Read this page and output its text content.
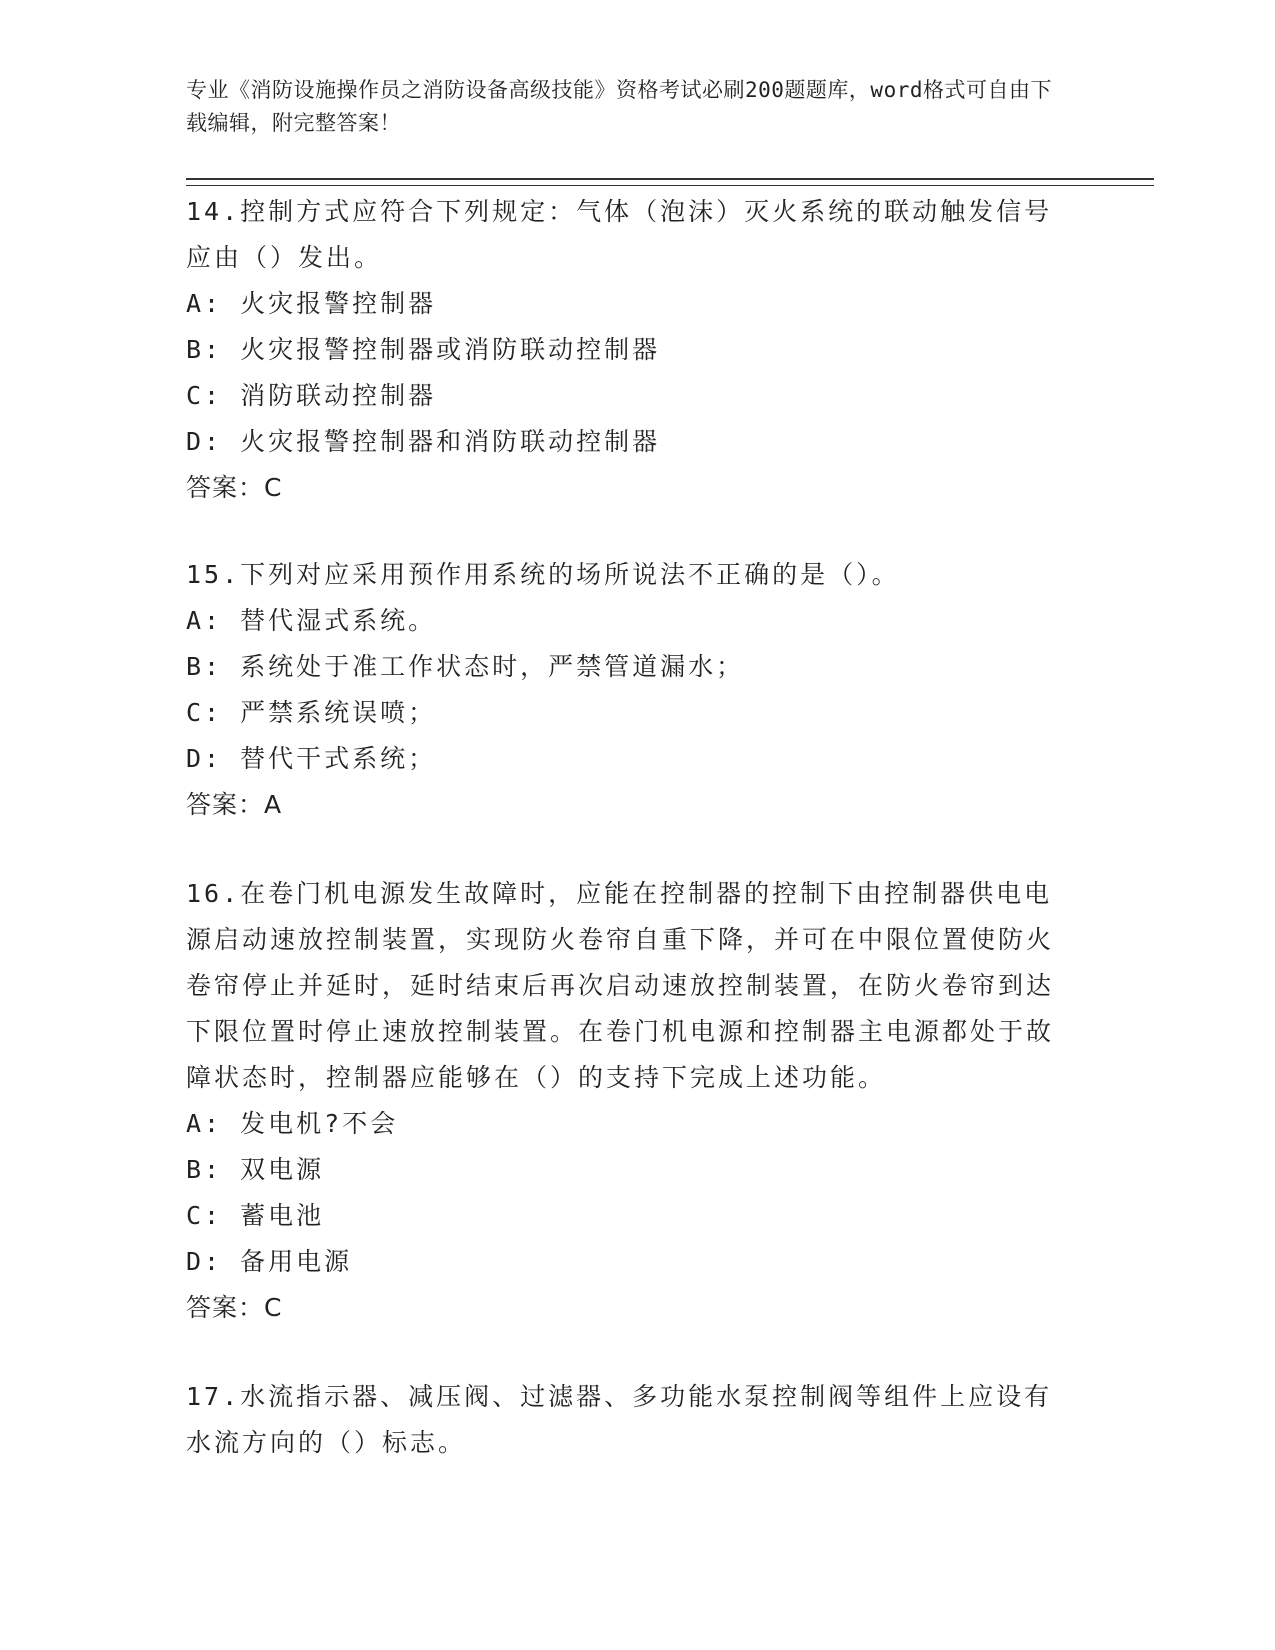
专业《消防设施操作员之消防设备高级技能》资格考试必刷200题题库，word格式可自由下载编辑，附完整答案！
14.控制方式应符合下列规定：气体（泡沫）灭火系统的联动触发信号应由（）发出。
A: 火灾报警控制器
B: 火灾报警控制器或消防联动控制器
C: 消防联动控制器
D: 火灾报警控制器和消防联动控制器
答案：C
15.下列对应采用预作用系统的场所说法不正确的是（）。
A: 替代湿式系统。
B: 系统处于准工作状态时，严禁管道漏水；
C: 严禁系统误喷；
D: 替代干式系统；
答案：A
16.在卷门机电源发生故障时，应能在控制器的控制下由控制器供电电源启动速放控制装置，实现防火卷帘自重下降，并可在中限位置使防火卷帘停止并延时，延时结束后再次启动速放控制装置，在防火卷帘到达下限位置时停止速放控制装置。在卷门机电源和控制器主电源都处于故障状态时，控制器应能够在（）的支持下完成上述功能。
A: 发电机?不会
B: 双电源
C: 蓄电池
D: 备用电源
答案：C
17.水流指示器、减压阀、过滤器、多功能水泵控制阀等组件上应设有水流方向的（）标志。
